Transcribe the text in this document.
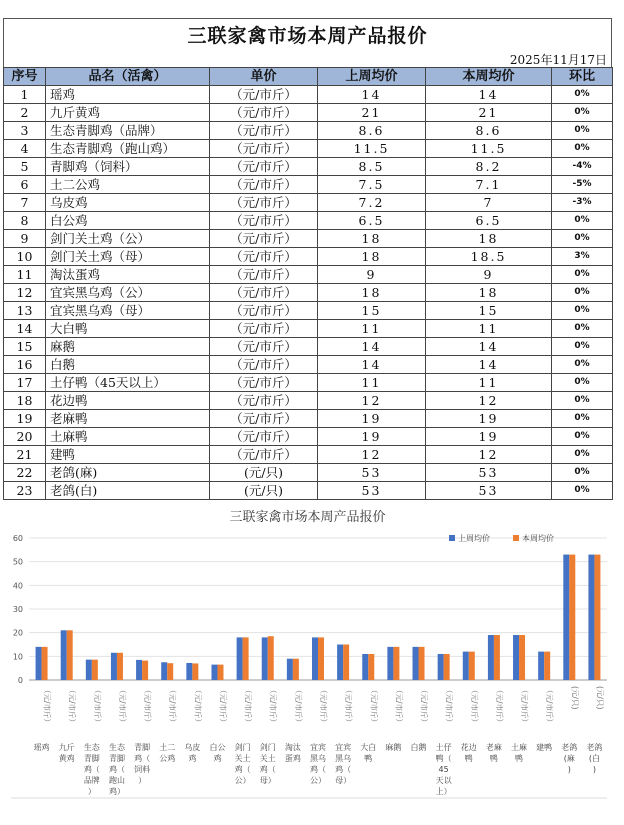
三联家禽市场本周产品报价
2025年11月17日
序号	品名（活禽）	单价	上周均价	本周均价	环比
1	瑶鸡	（元/市斤）	14	14	0%
2	九斤黄鸡	（元/市斤）	21	21	0%
3	生态青脚鸡（品牌）	（元/市斤）	8.6	8.6	0%
4	生态青脚鸡（跑山鸡）	（元/市斤）	11.5	11.5	0%
5	青脚鸡（饲料）	（元/市斤）	8.5	8.2	-4%
6	土二公鸡	（元/市斤）	7.5	7.1	-5%
7	乌皮鸡	（元/市斤）	7.2	7	-3%
8	白公鸡	（元/市斤）	6.5	6.5	0%
9	剑门关土鸡（公）	（元/市斤）	18	18	0%
10	剑门关土鸡（母）	（元/市斤）	18	18.5	3%
11	淘汰蛋鸡	（元/市斤）	9	9	0%
12	宜宾黑乌鸡（公）	（元/市斤）	18	18	0%
13	宜宾黑乌鸡（母）	（元/市斤）	15	15	0%
14	大白鸭	（元/市斤）	11	11	0%
15	麻鹅	（元/市斤）	14	14	0%
16	白鹅	（元/市斤）	14	14	0%
17	土仔鸭（45天以上）	（元/市斤）	11	11	0%
18	花边鸭	（元/市斤）	12	12	0%
19	老麻鸭	（元/市斤）	19	19	0%
20	土麻鸭	（元/市斤）	19	19	0%
21	建鸭	（元/市斤）	12	12	0%
22	老鸽(麻)	(元/只)	53	53	0%
23	老鸽(白)	(元/只)	53	53	0%
三联家禽市场本周产品报价
0
10
20
30
40
50
60	上周均价	本周均价
（元/市斤）
瑶鸡
（元/市斤）
九斤黄鸡
（元/市斤）
生态青脚鸡（品牌）
（元/市斤）
生态青脚鸡（跑山鸡）
（元/市斤）
青脚鸡（饲料）
（元/市斤）
土二公鸡
（元/市斤）
乌皮鸡
（元/市斤）
白公鸡
（元/市斤）
剑门关土鸡（公）
（元/市斤）
剑门关土鸡（母）
（元/市斤）
淘汰蛋鸡
（元/市斤）
宜宾黑乌鸡（公）
（元/市斤）
宜宾黑乌鸡（母）
（元/市斤）
大白鸭
（元/市斤）
麻鹅
（元/市斤）
白鹅
（元/市斤）
土仔鸭（ 45 天以上）
（元/市斤）
花边鸭
（元/市斤）
老麻鸭
（元/市斤）
土麻鸭
（元/市斤）
建鸭
(元/只)
老鸽(麻)
(元/只)
老鸽(白)
